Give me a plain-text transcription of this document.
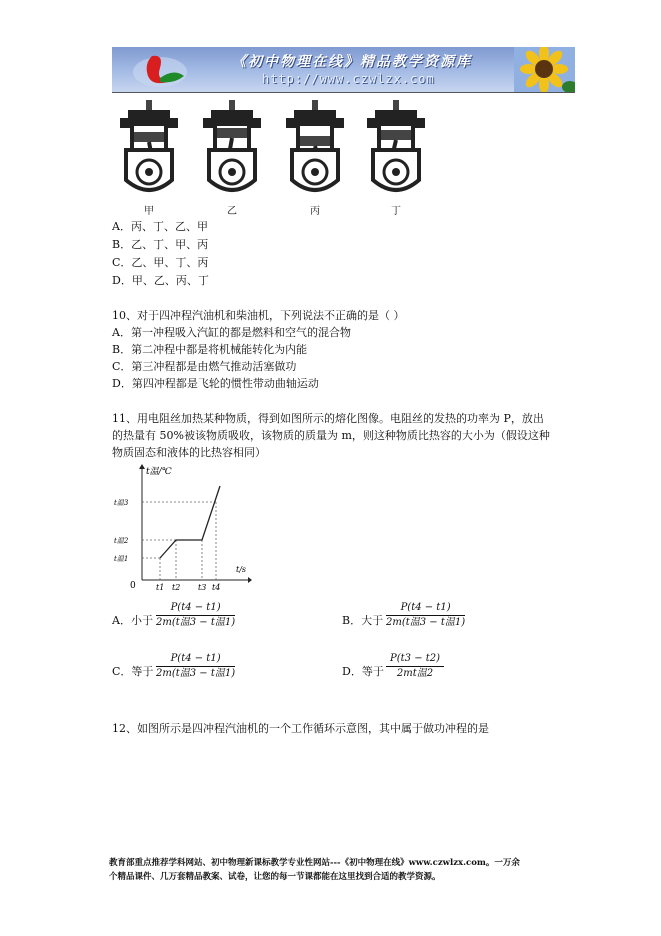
《初中物理在线》精品教学资源库
http://www.czwlzx.com
甲	乙	丙	丁
A．丙、丁、乙、甲
B．乙、丁、甲、丙
C．乙、甲、丁、丙
D．甲、乙、丙、丁
10、对于四冲程汽油机和柴油机，下列说法不正确的是（ ）
A．第一冲程吸入汽缸的都是燃料和空气的混合物
B．第二冲程中都是将机械能转化为内能
C．第三冲程都是由燃气推动活塞做功
D．第四冲程都是飞轮的惯性带动曲轴运动
11、用电阻丝加热某种物质，得到如图所示的熔化图像。电阻丝的发热的功率为 P，放出
的热量有 50%被该物质吸收，该物质的质量为 m，则这种物质比热容的大小为（假设这种
物质固态和液体的比热容相同）
t温/℃
t/s
t温3
t温2
t温1
0	t1 t2 t3 t4
A．小于
P(t4 − t1)
2m(t温3 − t温1)	B．大于
P(t4 − t1)
2m(t温3 − t温1)
C．等于
P(t4 − t1)
2m(t温3 − t温1)	D．等于
P(t3 − t2)
2mt温2
12、如图所示是四冲程汽油机的一个工作循环示意图，其中属于做功冲程的是
教育部重点推荐学科网站、初中物理新课标教学专业性网站---《初中物理在线》www.czwlzx.com。一万余
个精品课件、几万套精品教案、试卷，让您的每一节课都能在这里找到合适的教学资源。
